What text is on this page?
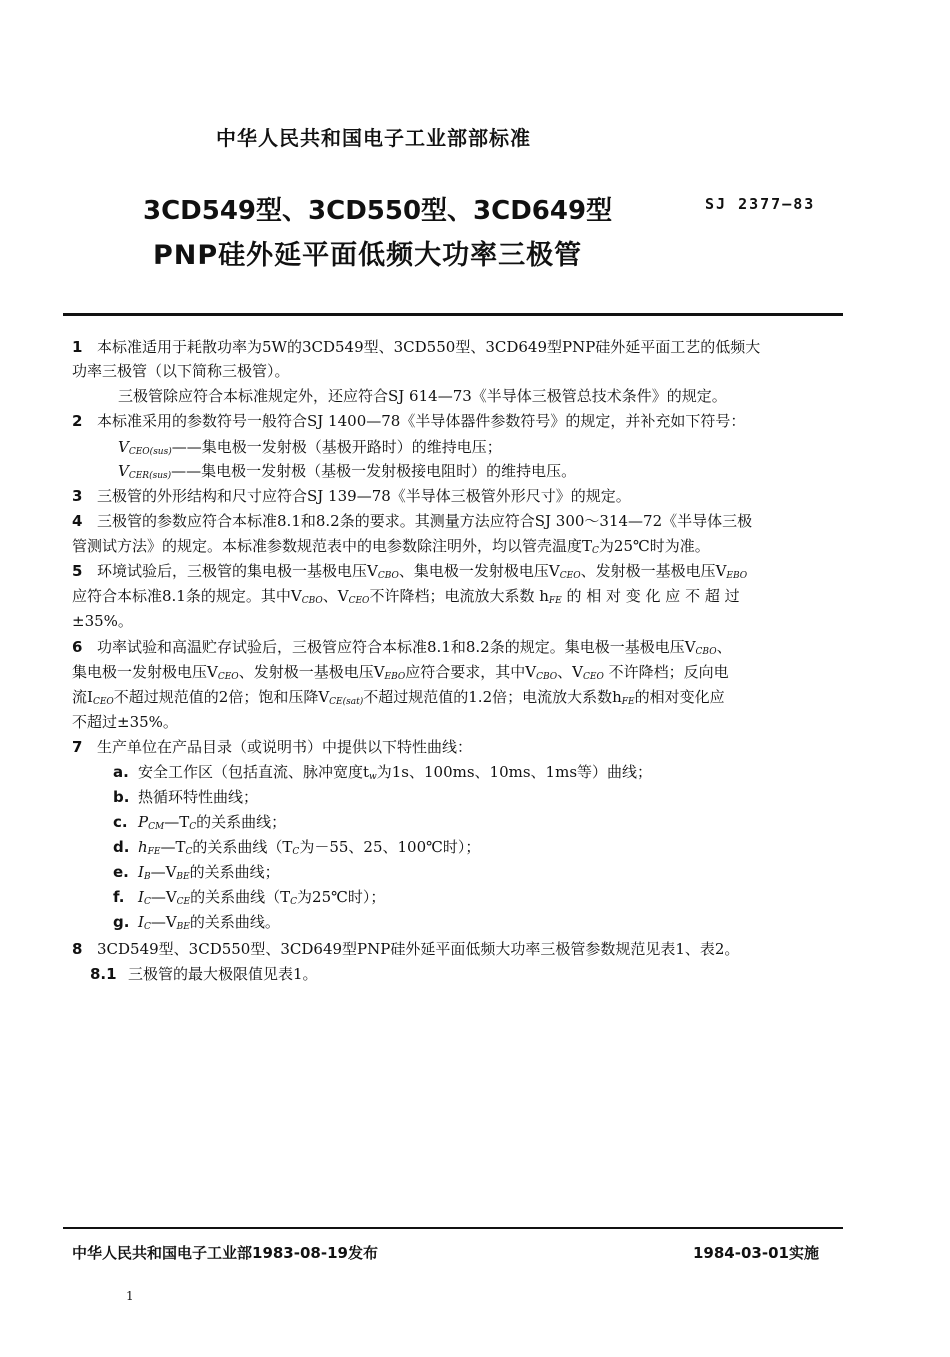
中华人民共和国电子工业部部标准
3CD549型、3CD550型、3CD649型
PNP硅外延平面低频大功率三极管
SJ 2377—83
1 本标准适用于耗散功率为5W的3CD549型、3CD550型、3CD649型PNP硅外延平面工艺的低频大
功率三极管（以下简称三极管）。
三极管除应符合本标准规定外，还应符合SJ 614—73《半导体三极管总技术条件》的规定。
2 本标准采用的参数符号一般符合SJ 1400—78《半导体器件参数符号》的规定，并补充如下符号：
$V_{CEO(sus)}——$集电极一发射极（基极开路时）的维持电压；
$V_{CER(sus)}——$集电极一发射极（基极一发射极接电阻时）的维持电压。
3 三极管的外形结构和尺寸应符合SJ 139—78《半导体三极管外形尺寸》的规定。
4 三极管的参数应符合本标准8.1和8.2条的要求。其测量方法应符合SJ 300～314—72《半导体三极
管测试方法》的规定。本标准参数规范表中的电参数除注明外，均以管壳温度$T_C$为25℃时为准。
5 环境试验后，三极管的集电极一基极电压$V_{CBO}$、集电极一发射极电压$V_{CEO}$、发射极一基极电压$V_{EBO}$
应符合本标准8.1条的规定。其中$V_{CBO}$、$V_{CEO}$不许降档；电流放大系数 $h_{FE}$ 的 相 对 变 化 应 不 超 过
±35%。
6 功率试验和高温贮存试验后，三极管应符合本标准8.1和8.2条的规定。集电极一基极电压$V_{CBO}$、
集电极一发射极电压$V_{CEO}$、发射极一基极电压$V_{EBO}$应符合要求，其中$V_{CBO}$、$V_{CEO}$ 不许降档；反向电
流$I_{CEO}$不超过规范值的2倍；饱和压降$V_{CE(sat)}$不超过规范值的1.2倍；电流放大系数$h_{FE}$的相对变化应
不超过±35%。
7 生产单位在产品目录（或说明书）中提供以下特性曲线：
a. 安全工作区（包括直流、脉冲宽度$t_w$为1s、100ms、10ms、1ms等）曲线；
b. 热循环特性曲线；
c. $P_{CM}—T_C$的关系曲线；
d. $h_{FE}—T_C$的关系曲线（$T_C$为－55、25、100℃时）；
e. $I_B—V_{BE}$的关系曲线；
f. $I_C—V_{CE}$的关系曲线（$T_C$为25℃时）；
g. $I_C—V_{BE}$的关系曲线。
8 3CD549型、3CD550型、3CD649型PNP硅外延平面低频大功率三极管参数规范见表1、表2。
8.1 三极管的最大极限值见表1。
中华人民共和国电子工业部1983-08-19发布	1984-03-01实施
1
